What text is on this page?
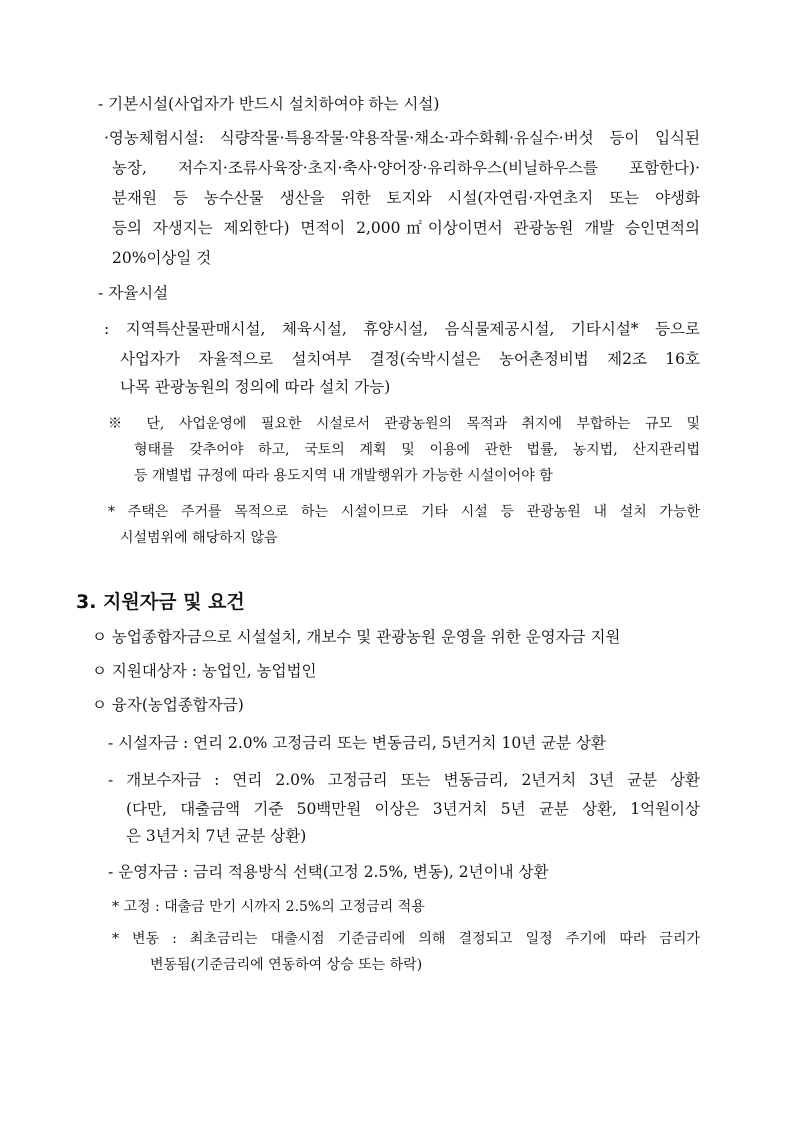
- 기본시설(사업자가 반드시 설치하여야 하는 시설)
·영농체험시설: 식량작물·특용작물·약용작물·채소·과수화훼·유실수·버섯 등이 입식된
농장, 저수지·조류사육장·초지·축사·양어장·유리하우스(비닐하우스를 포함한다)·
분재원 등 농수산물 생산을 위한 토지와 시설(자연림·자연초지 또는 야생화
등의 자생지는 제외한다) 면적이 2,000㎡이상이면서 관광농원 개발 승인면적의
20%이상일 것
- 자율시설
: 지역특산물판매시설, 체육시설, 휴양시설, 음식물제공시설, 기타시설* 등으로
사업자가 자율적으로 설치여부 결정(숙박시설은 농어촌정비법 제2조 16호
나목 관광농원의 정의에 따라 설치 가능)
※ 단, 사업운영에 필요한 시설로서 관광농원의 목적과 취지에 부합하는 규모 및
형태를 갖추어야 하고, 국토의 계획 및 이용에 관한 법률, 농지법, 산지관리법
등 개별법 규정에 따라 용도지역 내 개발행위가 가능한 시설이어야 함
* 주택은 주거를 목적으로 하는 시설이므로 기타 시설 등 관광농원 내 설치 가능한
시설범위에 해당하지 않음
3. 지원자금 및 요건
ㅇ 농업종합자금으로 시설설치, 개보수 및 관광농원 운영을 위한 운영자금 지원
ㅇ 지원대상자 : 농업인, 농업법인
ㅇ 융자(농업종합자금)
- 시설자금 : 연리 2.0% 고정금리 또는 변동금리, 5년거치 10년 균분 상환
- 개보수자금 : 연리 2.0% 고정금리 또는 변동금리, 2년거치 3년 균분 상환
(다만, 대출금액 기준 50백만원 이상은 3년거치 5년 균분 상환, 1억원이상
은 3년거치 7년 균분 상환)
- 운영자금 : 금리 적용방식 선택(고정 2.5%, 변동), 2년이내 상환
* 고정 : 대출금 만기 시까지 2.5%의 고정금리 적용
* 변동 : 최초금리는 대출시점 기준금리에 의해 결정되고 일정 주기에 따라 금리가
변동됨(기준금리에 연동하여 상승 또는 하락)
